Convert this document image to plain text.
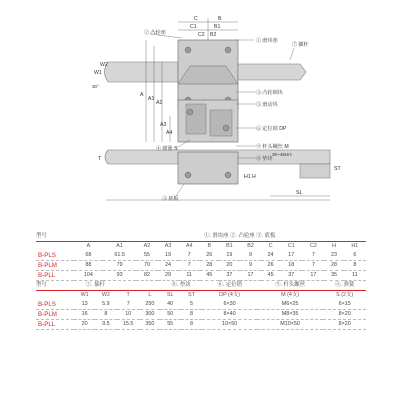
C	B
C1	B1
C2 B2
W1
W2
30°
A
A1
A2
A3
A4
T
H1 H
ST
SL
②凸轮座
①滑块座
⑦插杆
③凸轮锁块
⑤滑动块
⑥定位销 DP
④弹簧 S	⑨杆头螺丝 M
⑧垫块
③底板
30~45Hrc
型号	①. 滑块座 ②. 凸轮座 ③. 底板												
	A	A1	A2	A3	A4	B	B1	B2	C	C1	C2	H	H1
B-PLS	68	61.5	55	19	7	26	19	9	24	17	7	23	6
B-PLM	88	79	70	24	7	28	20	9	26	18	7	28	8
B-PLL	104	93	82	29	11	45	37	17	45	37	17	35	11
型号	⑦. 插杆				⑧. 垫块		⑥. 定位销	⑨. 杆头螺丝	④. 弹簧
	W1	W2	T	L	SL	ST	DP (4支)	M (4支)	S (2支)
B-PLS	13	5.9	7	250	40	5	6×30	M6×25	6×15
B-PLM	16	8	10	300	50	8	8×40	M8×35	8×20
B-PLL	20	9.5	15.5	350	55	8	10×50	M10×50	8×20
